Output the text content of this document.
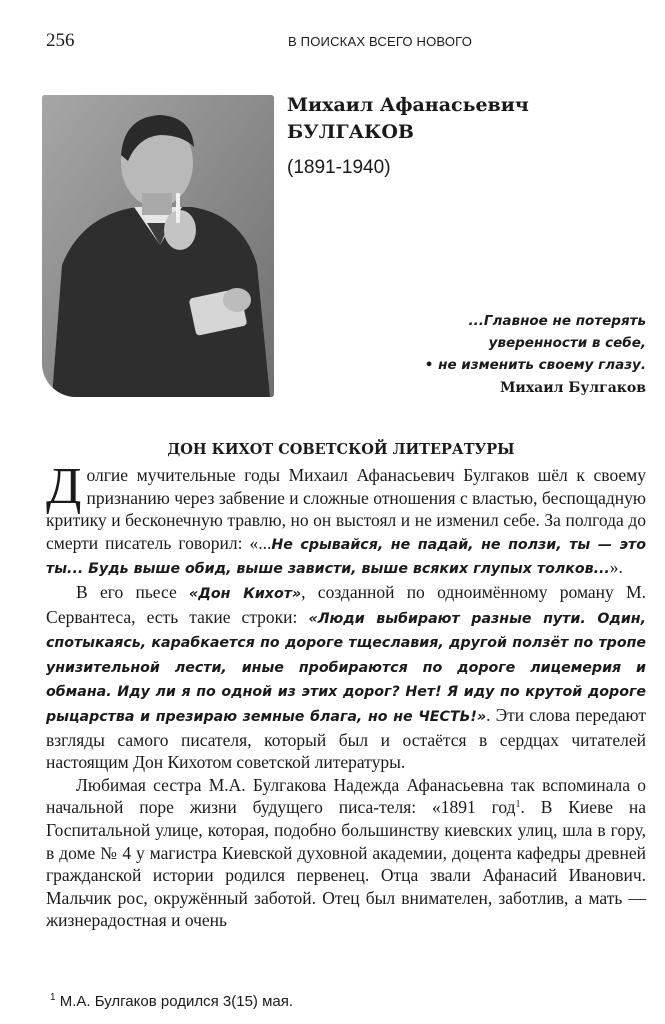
256	В ПОИСКАХ ВСЕГО НОВОГО
Михаил Афанасьевич
БУЛГАКОВ
(1891-1940)
...Главное не потерять
уверенности в себе,
• не изменить своему глазу.
Михаил Булгаков
ДОН КИХОТ СОВЕТСКОЙ ЛИТЕРАТУРЫ

Долгие мучительные годы Михаил Афанасьевич Булгаков шёл к своему признанию через забвение и сложные отношения с властью, беспощадную критику и бесконечную травлю, но он выстоял и не изменил себе. За полгода до смерти писатель говорил: «...Не срывайся, не падай, не ползи, ты — это ты... Будь выше обид, выше зависти, выше всяких глупых толков...».

В его пьесе «Дон Кихот», созданной по одноимённому роману М. Сервантеса, есть такие строки: «Люди выбирают разные пути. Один, спотыкаясь, карабкается по дороге тщеславия, другой ползёт по тропе унизительной лести, иные пробираются по дороге лицемерия и обмана. Иду ли я по одной из этих дорог? Нет! Я иду по крутой дороге рыцарства и презираю земные блага, но не ЧЕСТЬ!». Эти слова передают взгляды самого писателя, который был и остаётся в сердцах читателей настоящим Дон Кихотом советской литературы.

Любимая сестра М.А. Булгакова Надежда Афанасьевна так вспоминала о начальной поре жизни будущего писа-теля: «1891 год$^1$. В Киеве на Госпитальной улице, которая, подобно большинству киевских улиц, шла в гору, в доме № 4 у магистра Киевской духовной академии, доцента кафедры древней гражданской истории родился первенец. Отца звали Афанасий Иванович. Мальчик рос, окружённый заботой. Отец был внимателен, заботлив, а мать — жизнерадостная и очень

$^1$ М.А. Булгаков родился 3(15) мая.
